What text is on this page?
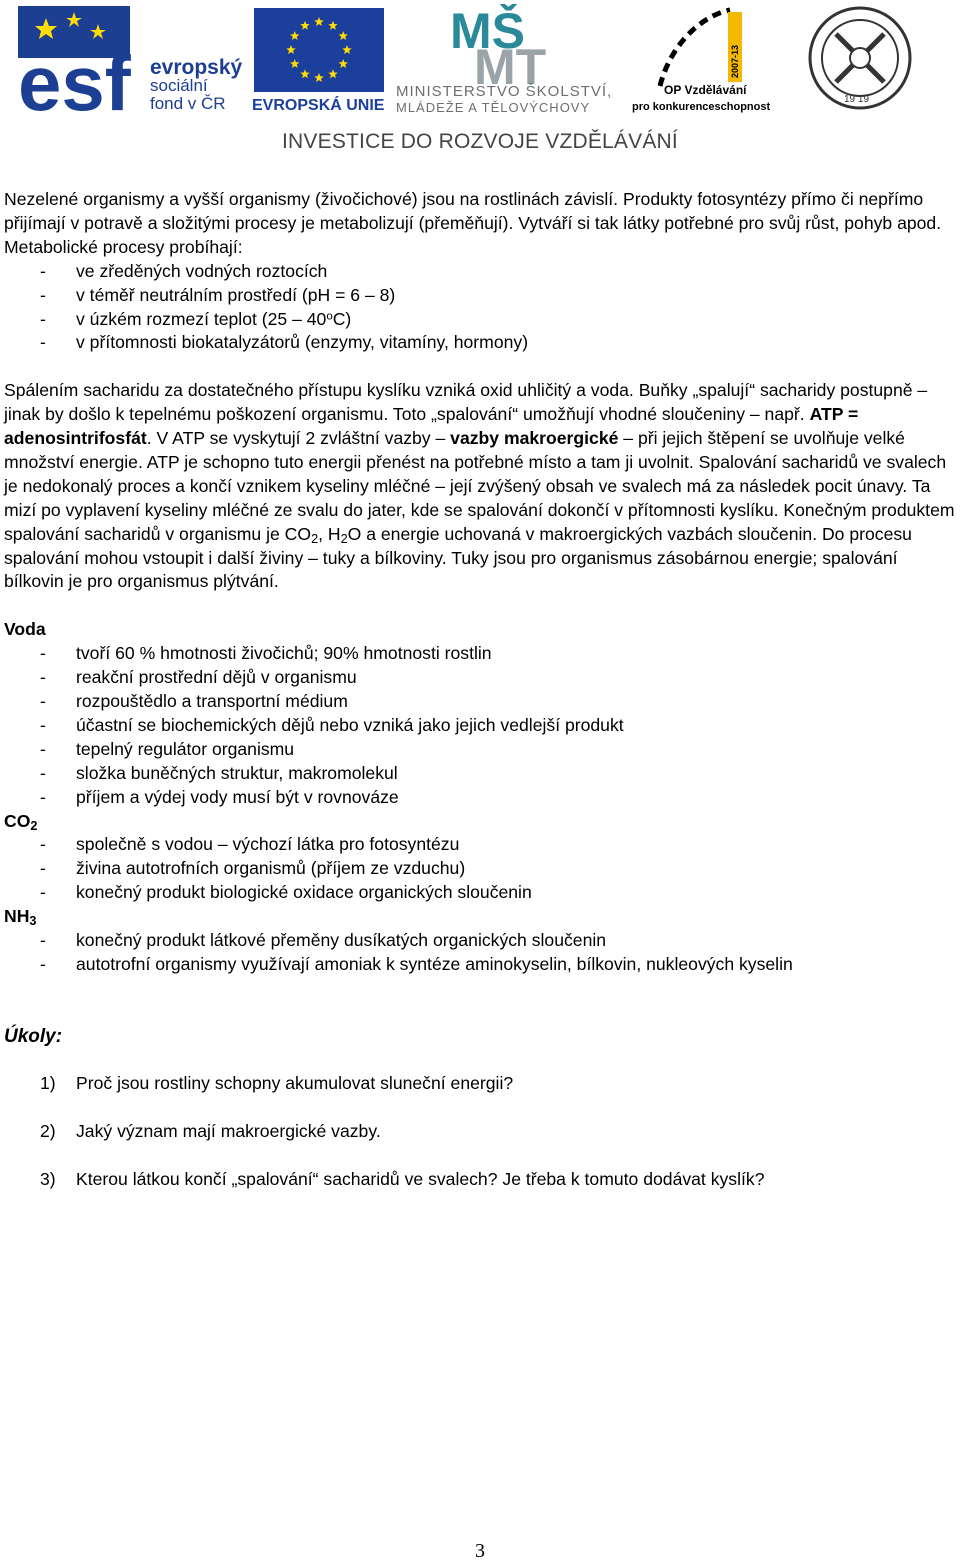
esf evropský
sociální
fond v ČR EVROPSKÁ UNIE
MŠ
MT
MINISTERSTVO ŠKOLSTVÍ,
MLÁDEŽE A TĚLOVÝCHOVY
2007-13
OP Vzdělávání
pro konkurenceschopnost
19 19
INVESTICE DO ROZVOJE VZDĚLÁVÁNÍ

Nezelené organismy a vyšší organismy (živočichové) jsou na rostlinách závislí. Produkty fotosyntézy přímo či nepřímo přijímají v potravě a složitými procesy je metabolizují (přeměňují). Vytváří si tak látky potřebné pro svůj růst, pohyb apod.

Metabolické procesy probíhají:

-	ve zředěných vodných roztocích
-	v téměř neutrálním prostředí (pH = 6 – 8)
-	v úzkém rozmezí teplot (25 – 40$^o$C)
-	v přítomnosti biokatalyzátorů (enzymy, vitamíny, hormony)

Spálením sacharidu za dostatečného přístupu kyslíku vzniká oxid uhličitý a voda. Buňky „spalují“ sacharidy postupně – jinak by došlo k tepelnému poškození organismu. Toto „spalování“ umožňují vhodné sloučeniny – např. ATP = adenosintrifosfát. V ATP se vyskytují 2 zvláštní vazby – vazby makroergické – při jejich štěpení se uvolňuje velké množství energie. ATP je schopno tuto energii přenést na potřebné místo a tam ji uvolnit. Spalování sacharidů ve svalech je nedokonalý proces a končí vznikem kyseliny mléčné – její zvýšený obsah ve svalech má za následek pocit únavy. Ta mizí po vyplavení kyseliny mléčné ze svalu do jater, kde se spalování dokončí v přítomnosti kyslíku. Konečným produktem spalování sacharidů v organismu je $CO_2$, $H_2O$ a energie uchovaná v makroergických vazbách sloučenin. Do procesu spalování mohou vstoupit i další živiny – tuky a bílkoviny. Tuky jsou pro organismus zásobárnou energie; spalování bílkovin je pro organismus plýtvání.

Voda

-	tvoří 60 % hmotnosti živočichů; 90% hmotnosti rostlin
-	reakční prostřední dějů v organismu
-	rozpouštědlo a transportní médium
-	účastní se biochemických dějů nebo vzniká jako jejich vedlejší produkt
-	tepelný regulátor organismu
-	složka buněčných struktur, makromolekul
-	příjem a výdej vody musí být v rovnováze

$CO_2$

-	společně s vodou – výchozí látka pro fotosyntézu
-	živina autotrofních organismů (příjem ze vzduchu)
-	konečný produkt biologické oxidace organických sloučenin

$NH_3$

-	konečný produkt látkové přeměny dusíkatých organických sloučenin
-	autotrofní organismy využívají amoniak k syntéze aminokyselin, bílkovin, nukleových kyselin

Úkoly:

1)	Proč jsou rostliny schopny akumulovat sluneční energii?
2)	Jaký význam mají makroergické vazby.
3)	Kterou látkou končí „spalování“ sacharidů ve svalech? Je třeba k tomuto dodávat kyslík?
3
